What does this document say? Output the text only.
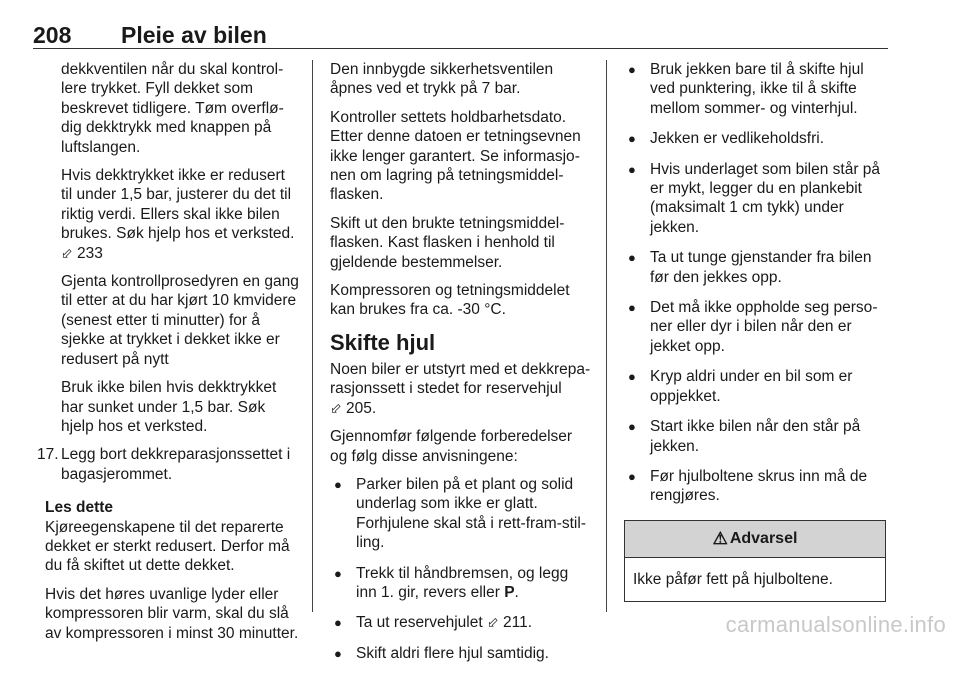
208 Pleie av bilen

dekkventilen når du skal kontrollere trykket. Fyll dekket som beskrevet tidligere. Tøm overflødig dekktrykk med knappen på luftslangen.

Hvis dekktrykket ikke er redusert til under 1,5 bar, justerer du det til riktig verdi. Ellers skal ikke bilen brukes. Søk hjelp hos et verksted.
⬃ 233

Gjenta kontrollprosedyren en gang til etter at du har kjørt 10 kmvidere (senest etter ti minutter) for å sjekke at trykket i dekket ikke er redusert på nytt

Bruk ikke bilen hvis dekktrykket har sunket under 1,5 bar. Søk hjelp hos et verksted.

17. Legg bort dekkreparasjonssettet i bagasjerommet.

Les dette

Kjøreegenskapene til det reparerte dekket er sterkt redusert. Derfor må du få skiftet ut dette dekket.

Hvis det høres uvanlige lyder eller kompressoren blir varm, skal du slå av kompressoren i minst 30 minutter.

Den innbygde sikkerhetsventilen åpnes ved et trykk på 7 bar.

Kontroller settets holdbarhetsdato. Etter denne datoen er tetningsevnen ikke lenger garantert. Se informasjonen om lagring på tetningsmiddelflasken.

Skift ut den brukte tetningsmiddelflasken. Kast flasken i henhold til gjeldende bestemmelser.

Kompressoren og tetningsmiddelet kan brukes fra ca. -30 °C.

Skifte hjul

Noen biler er utstyrt med et dekkreparasjonssett i stedet for reservehjul
⬃ 205.

Gjennomfør følgende forberedelser og følg disse anvisningene:

● Parker bilen på et plant og solid underlag som ikke er glatt. Forhjulene skal stå i rett-fram-stilling.
● Trekk til håndbremsen, og legg inn 1. gir, revers eller P.
● Ta ut reservehjulet ⬃ 211.
● Skift aldri flere hjul samtidig.
● Bruk jekken bare til å skifte hjul ved punktering, ikke til å skifte mellom sommer- og vinterhjul.
● Jekken er vedlikeholdsfri.
● Hvis underlaget som bilen står på er mykt, legger du en plankebit (maksimalt 1 cm tykk) under jekken.
● Ta ut tunge gjenstander fra bilen før den jekkes opp.
● Det må ikke oppholde seg personer eller dyr i bilen når den er jekket opp.
● Kryp aldri under en bil som er oppjekket.
● Start ikke bilen når den står på jekken.
● Før hjulboltene skrus inn må de rengjøres.
⚠ Advarsel
Ikke påfør fett på hjulboltene.
carmanualsonline.info
